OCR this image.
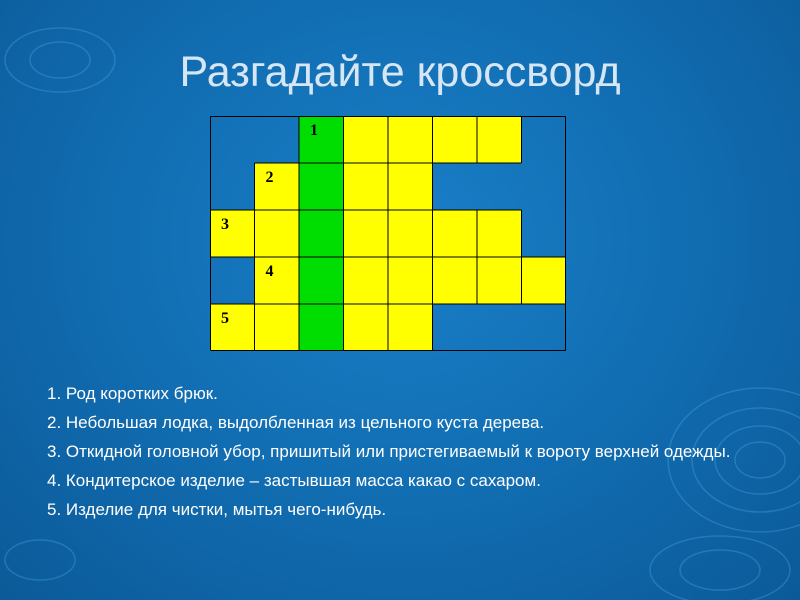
Разгадайте кроссворд
1
2
3
4
5
1. Род коротких брюк.
2. Небольшая лодка, выдолбленная из цельного куста дерева.
3. Откидной головной убор, пришитый или пристегиваемый к вороту верхней одежды.
4. Кондитерское изделие – застывшая масса какао с сахаром.
5. Изделие для чистки, мытья чего-нибудь.
